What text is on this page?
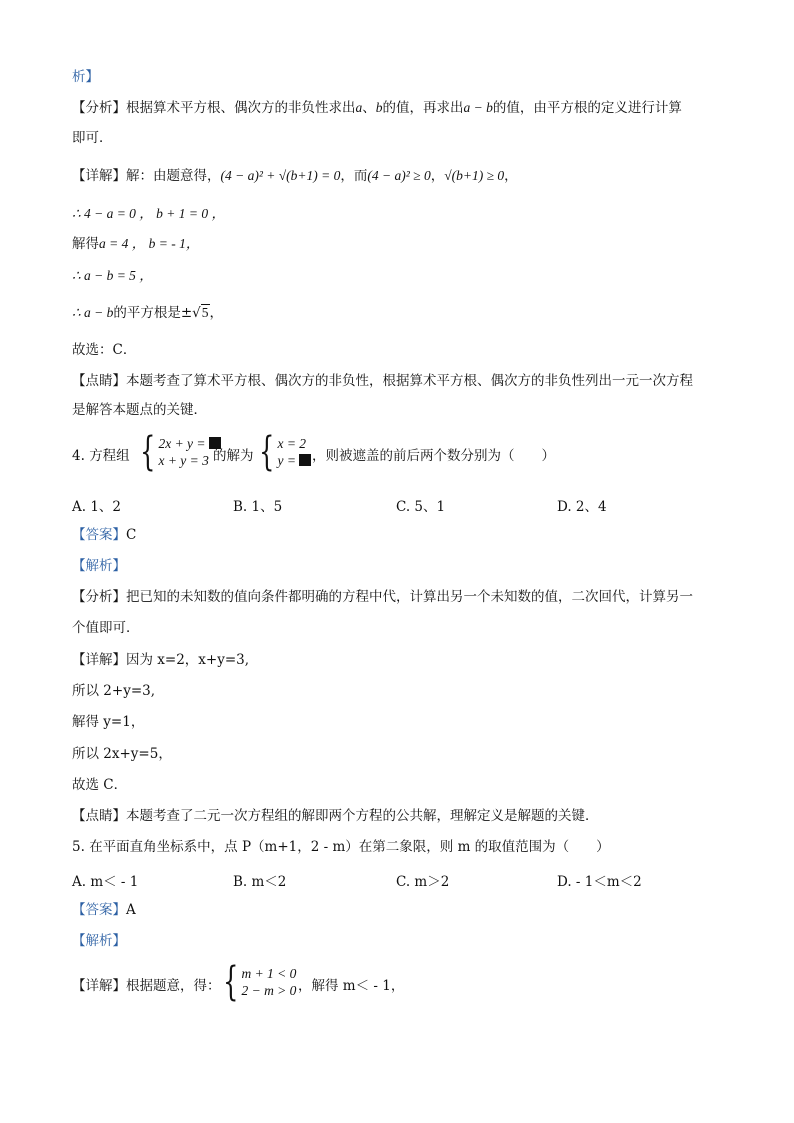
析】
【分析】根据算术平方根、偶次方的非负性求出a、b的值，再求出a − b的值，由平方根的定义进行计算
即可．
【详解】解：由题意得，(4 − a)² + √(b+1) = 0，而(4 − a)² ≥ 0，√(b+1) ≥ 0，
∴ 4 − a = 0 ， b + 1 = 0 ，
解得a = 4 ， b = - 1，
∴ a − b = 5 ，
∴ a − b的平方根是±√5，
故选：C．
【点睛】本题考查了算术平方根、偶次方的非负性，根据算术平方根、偶次方的非负性列出一元一次方程
是解答本题点的关键．
4. 方程组 { 2x + y =
x + y = 3 的解为 { x = 2
y =	，则被遮盖的前后两个数分别为（　　）
A. 1、2	B. 1、5	C. 5、1	D. 2、4
【答案】C
【解析】
【分析】把已知的未知数的值向条件都明确的方程中代，计算出另一个未知数的值，二次回代，计算另一
个值即可．
【详解】因为 x=2，x+y=3,
所以 2+y=3,
解得 y=1，
所以 2x+y=5，
故选 C．
【点睛】本题考查了二元一次方程组的解即两个方程的公共解，理解定义是解题的关键．
5. 在平面直角坐标系中，点 P（m+1，2 - m）在第二象限，则 m 的取值范围为（　　）
A. m＜ - 1	B. m＜2	C. m＞2	D. - 1＜m＜2
【答案】A
【解析】
【详解】根据题意，得： { m + 1 < 0
2 − m > 0 ，解得 m＜ - 1，
